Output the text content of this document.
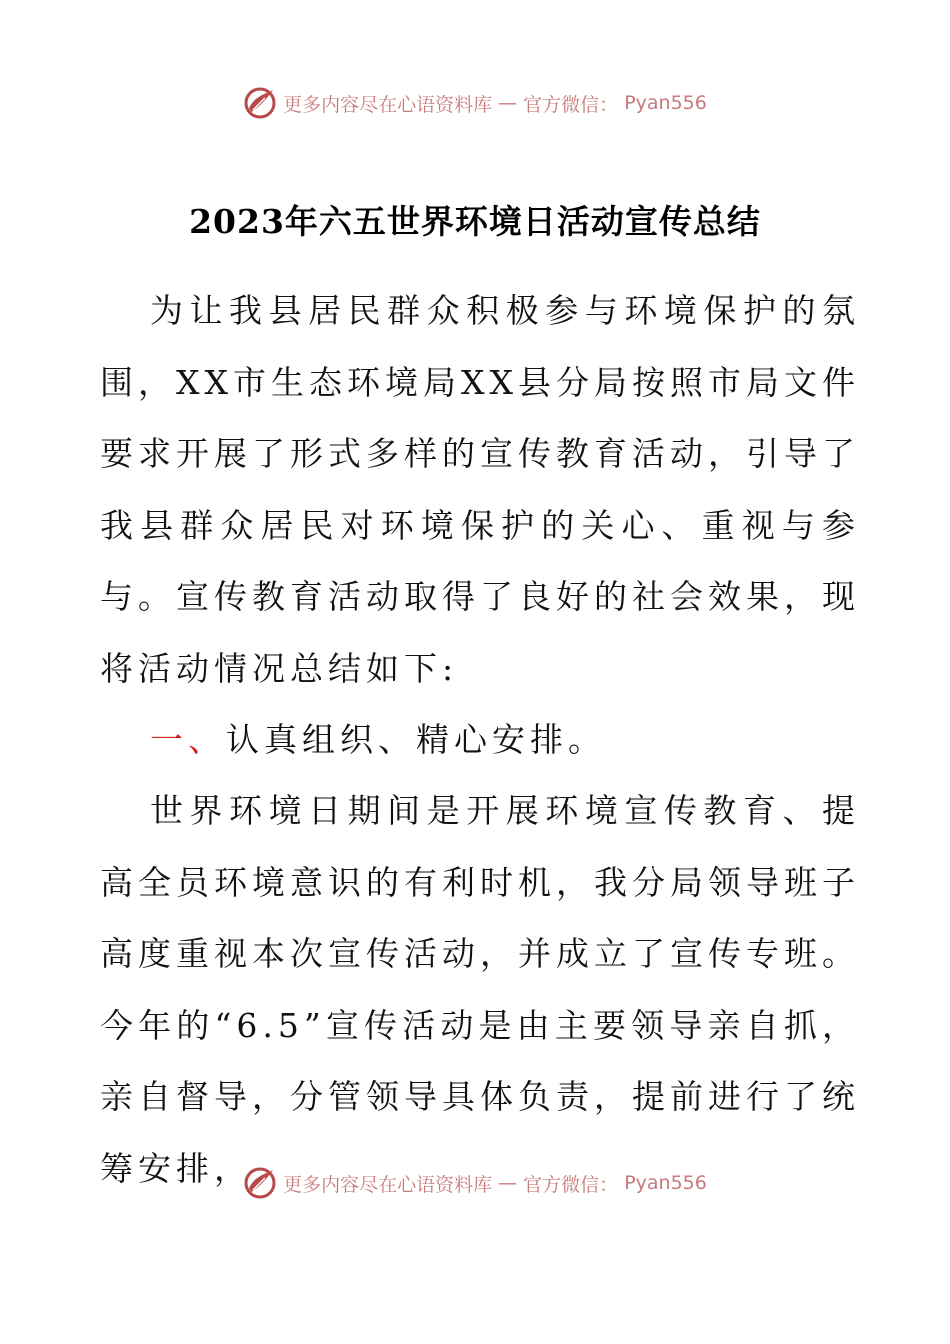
更多内容尽在心语资料库 — 官方微信： Pyan556
2023年六五世界环境日活动宣传总结

为让我县居民群众积极参与环境保护的氛围，XX市生态环境局XX县分局按照市局文件要求开展了形式多样的宣传教育活动，引导了我县群众居民对环境保护的关心、重视与参与。宣传教育活动取得了良好的社会效果，现将活动情况总结如下:

一、认真组织、精心安排。

世界环境日期间是开展环境宣传教育、提高全员环境意识的有利时机，我分局领导班子高度重视本次宣传活动，并成立了宣传专班。今年的“6.5”宣传活动是由主要领导亲自抓，亲自督导，分管领导具体负责，提前进行了统筹安排，	更多内容尽在心语资料库 — 官方微信： Pyan556
